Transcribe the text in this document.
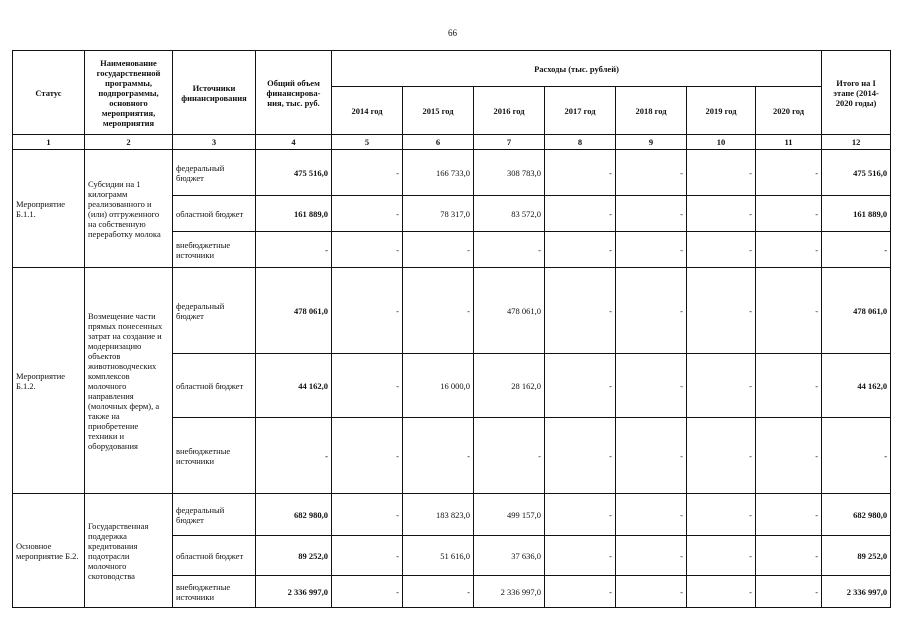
66
Статус	Наименование государственной программы, подпрограммы, основного мероприятия, мероприятия	Источники финансирования	Общий объем финансирова-ния, тыс. руб.	Расходы (тыс. рублей)							Итого на I этапе (2014-2020 годы)
				2014 год	2015 год	2016 год	2017 год	2018 год	2019 год	2020 год	
1	2	3	4	5	6	7	8	9	10	11	12
Мероприятие Б.1.1.	Субсидии на 1 килограмм реализованного и (или) отгруженного на собственную переработку молока	федеральный бюджет	475 516,0	-	166 733,0	308 783,0	-	-	-	-	475 516,0
		областной бюджет	161 889,0	-	78 317,0	83 572,0	-	-	-	-	161 889,0
		внебюджетные источники	-	-	-	-	-	-	-	-	-
Мероприятие Б.1.2.	Возмещение части прямых понесенных затрат на создание и модернизацию объектов животноводческих комплексов молочного направления (молочных ферм), а также на приобретение техники и оборудования	федеральный бюджет	478 061,0	-	-	478 061,0	-	-	-	-	478 061,0
		областной бюджет	44 162,0	-	16 000,0	28 162,0	-	-	-	-	44 162,0
		внебюджетные источники	-	-	-	-	-	-	-	-	-
Основное мероприятие Б.2.	Государственная поддержка кредитования подотрасли молочного скотоводства	федеральный бюджет	682 980,0	-	183 823,0	499 157,0	-	-	-	-	682 980,0
		областной бюджет	89 252,0	-	51 616,0	37 636,0	-	-	-	-	89 252,0
		внебюджетные источники	2 336 997,0	-	-	2 336 997,0	-	-	-	-	2 336 997,0
